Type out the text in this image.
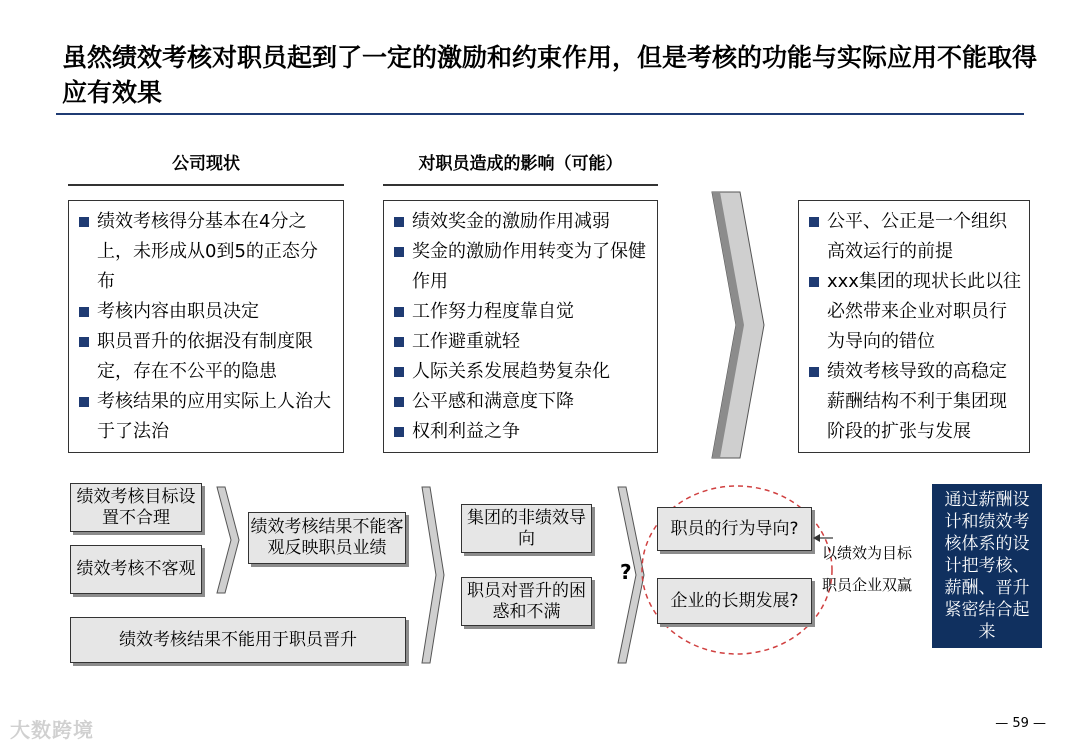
虽然绩效考核对职员起到了一定的激励和约束作用，但是考核的功能与实际应用不能取得应有效果
公司现状	对职员造成的影响（可能）
绩效考核得分基本在4分之上，未形成从0到5的正态分布
考核内容由职员决定
职员晋升的依据没有制度限定，存在不公平的隐患
考核结果的应用实际上人治大于了法治
绩效奖金的激励作用减弱
奖金的激励作用转变为了保健作用
工作努力程度靠自觉
工作避重就轻
人际关系发展趋势复杂化
公平感和满意度下降
权利利益之争
公平、公正是一个组织高效运行的前提
xxx集团的现状长此以往必然带来企业对职员行为导向的错位
绩效考核导致的高稳定薪酬结构不利于集团现阶段的扩张与发展
绩效考核目标设置不合理
绩效考核不客观
绩效考核结果不能用于职员晋升
绩效考核结果不能客观反映职员业绩
集团的非绩效导向
职员对晋升的困惑和不满
?
职员的行为导向?
企业的长期发展?
以绩效为目标
职员企业双赢
通过薪酬设计和绩效考核体系的设计把考核、薪酬、晋升紧密结合起来
大数跨境	— 59 —
